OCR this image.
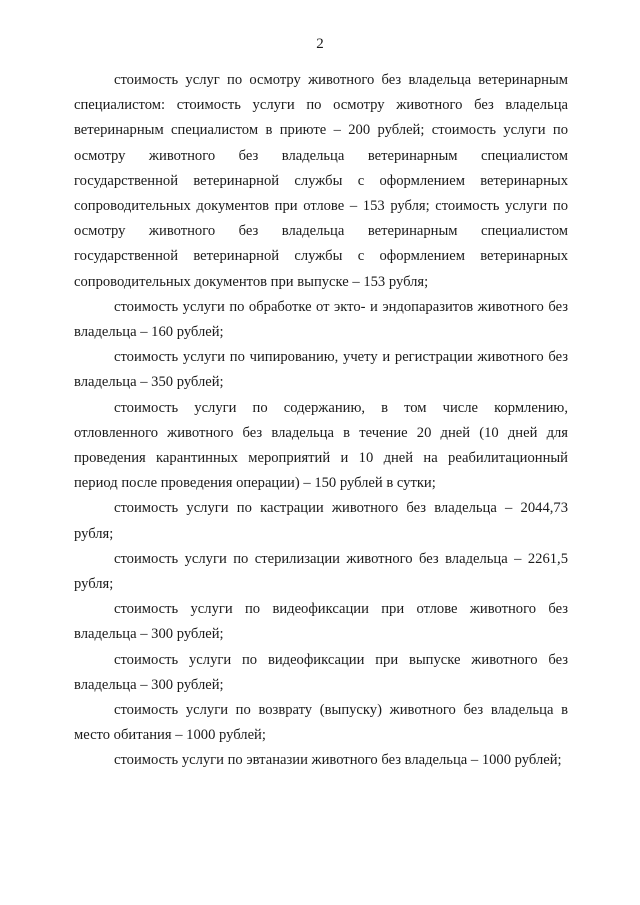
2

стоимость услуг по осмотру животного без владельца ветеринарным специалистом: стоимость услуги по осмотру животного без владельца ветеринарным специалистом в приюте – 200 рублей; стоимость услуги по осмотру животного без владельца ветеринарным специалистом государственной ветеринарной службы с оформлением ветеринарных сопроводительных документов при отлове – 153 рубля; стоимость услуги по осмотру животного без владельца ветеринарным специалистом государственной ветеринарной службы с оформлением ветеринарных сопроводительных документов при выпуске – 153 рубля;

стоимость услуги по обработке от экто- и эндопаразитов животного без владельца – 160 рублей;

стоимость услуги по чипированию, учету и регистрации животного без владельца – 350 рублей;

стоимость услуги по содержанию, в том числе кормлению, отловленного животного без владельца в течение 20 дней (10 дней для проведения карантинных мероприятий и 10 дней на реабилитационный период после проведения операции) – 150 рублей в сутки;

стоимость услуги по кастрации животного без владельца – 2044,73 рубля;

стоимость услуги по стерилизации животного без владельца – 2261,5 рубля;

стоимость услуги по видеофиксации при отлове животного без владельца – 300 рублей;

стоимость услуги по видеофиксации при выпуске животного без владельца – 300 рублей;

стоимость услуги по возврату (выпуску) животного без владельца в место обитания – 1000 рублей;

стоимость услуги по эвтаназии животного без владельца – 1000 рублей;
